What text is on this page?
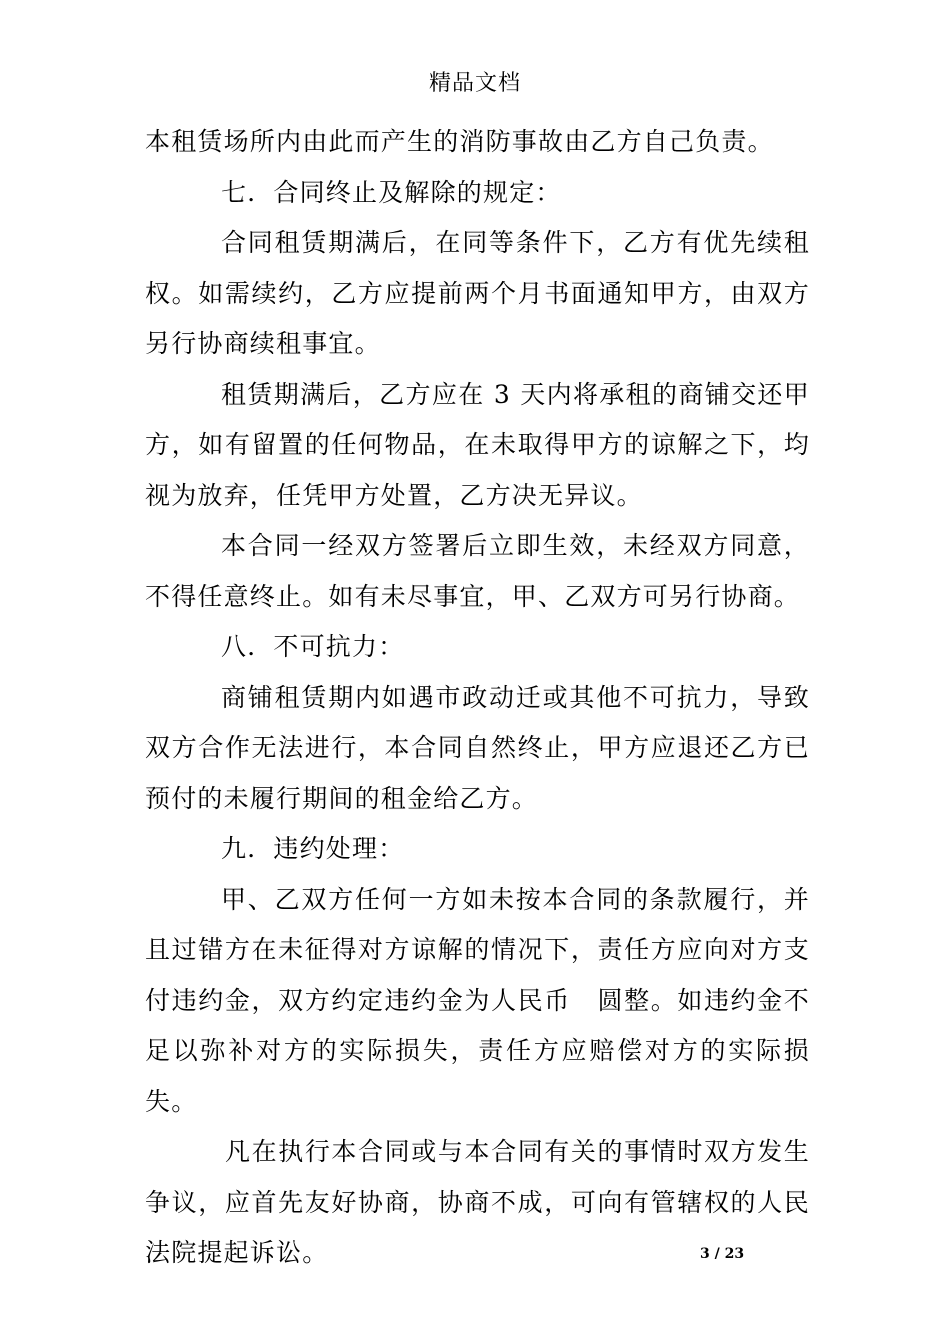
精品文档

本租赁场所内由此而产生的消防事故由乙方自己负责。

七．合同终止及解除的规定：

合同租赁期满后，在同等条件下，乙方有优先续租权。如需续约，乙方应提前两个月书面通知甲方，由双方另行协商续租事宜。

租赁期满后，乙方应在 3 天内将承租的商铺交还甲方，如有留置的任何物品，在未取得甲方的谅解之下，均视为放弃，任凭甲方处置，乙方决无异议。

本合同一经双方签署后立即生效，未经双方同意，不得任意终止。如有未尽事宜，甲、乙双方可另行协商。

八．不可抗力：

商铺租赁期内如遇市政动迁或其他不可抗力，导致双方合作无法进行，本合同自然终止，甲方应退还乙方已预付的未履行期间的租金给乙方。

九．违约处理：

甲、乙双方任何一方如未按本合同的条款履行，并且过错方在未征得对方谅解的情况下，责任方应向对方支付违约金，双方约定违约金为人民币　圆整。如违约金不足以弥补对方的实际损失，责任方应赔偿对方的实际损失。

凡在执行本合同或与本合同有关的事情时双方发生争议，应首先友好协商，协商不成，可向有管辖权的人民法院提起诉讼。	3 / 23
